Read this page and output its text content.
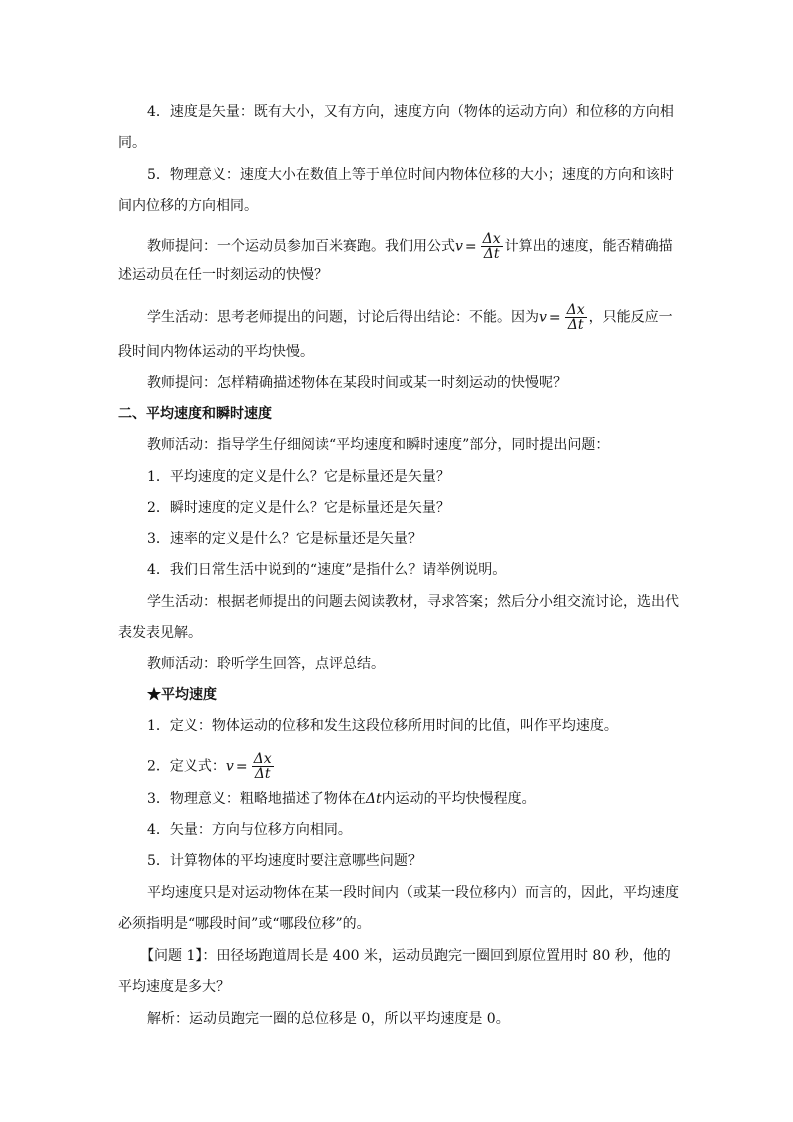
4．速度是矢量：既有大小，又有方向，速度方向（物体的运动方向）和位移的方向相
同。
5．物理意义：速度大小在数值上等于单位时间内物体位移的大小；速度的方向和该时
间内位移的方向相同。
教师提问：一个运动员参加百米赛跑。我们用公式$v = \frac{\Delta x}{\Delta t}$ 计算出的速度，能否精确描
述运动员在任一时刻运动的快慢？
学生活动：思考老师提出的问题，讨论后得出结论：不能。因为$v = \frac{\Delta x}{\Delta t}$ ，只能反应一
段时间内物体运动的平均快慢。
教师提问：怎样精确描述物体在某段时间或某一时刻运动的快慢呢？
二、平均速度和瞬时速度
教师活动：指导学生仔细阅读“平均速度和瞬时速度”部分，同时提出问题：
1．平均速度的定义是什么？它是标量还是矢量？
2．瞬时速度的定义是什么？它是标量还是矢量？
3．速率的定义是什么？它是标量还是矢量？
4．我们日常生活中说到的“速度”是指什么？请举例说明。
学生活动：根据老师提出的问题去阅读教材，寻求答案；然后分小组交流讨论，选出代
表发表见解。
教师活动：聆听学生回答，点评总结。
★平均速度
1．定义：物体运动的位移和发生这段位移所用时间的比值，叫作平均速度。
2．定义式：$v = \frac{\Delta x}{\Delta t}$
3．物理意义：粗略地描述了物体在Δt内运动的平均快慢程度。
4．矢量：方向与位移方向相同。
5．计算物体的平均速度时要注意哪些问题？
平均速度只是对运动物体在某一段时间内（或某一段位移内）而言的，因此，平均速度
必须指明是“哪段时间”或“哪段位移”的。
【问题 1】：田径场跑道周长是 400 米，运动员跑完一圈回到原位置用时 80 秒，他的
平均速度是多大？
解析：运动员跑完一圈的总位移是 0，所以平均速度是 0。
